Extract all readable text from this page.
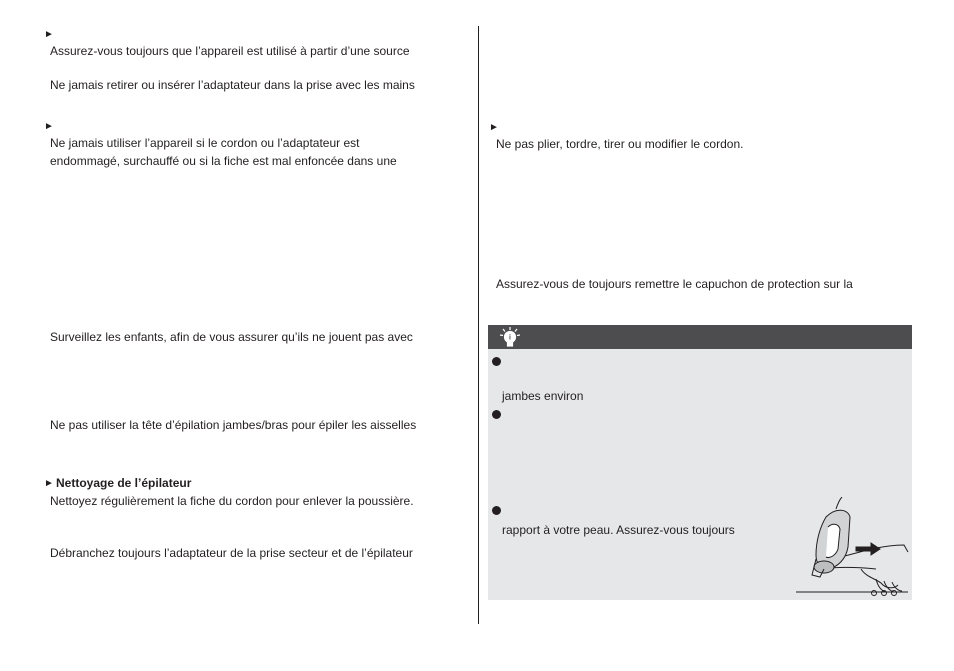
►
Assurez-vous toujours que l’appareil est utilisé à partir d’une source
Ne jamais retirer ou insérer l’adaptateur dans la prise avec les mains
►
Ne jamais utiliser l’appareil si le cordon ou l’adaptateur est
endommagé, surchauffé ou si la fiche est mal enfoncée dans une
Surveillez les enfants, afin de vous assurer qu’ils ne jouent pas avec
Ne pas utiliser la tête d’épilation jambes/bras pour épiler les aisselles
► Nettoyage de l’épilateur
Nettoyez régulièrement la fiche du cordon pour enlever la poussière.
Débranchez toujours l’adaptateur de la prise secteur et de l’épilateur
►
Ne pas plier, tordre, tirer ou modifier le cordon.
Assurez-vous de toujours remettre le capuchon de protection sur la
i
jambes environ
rapport à votre peau. Assurez-vous toujours
